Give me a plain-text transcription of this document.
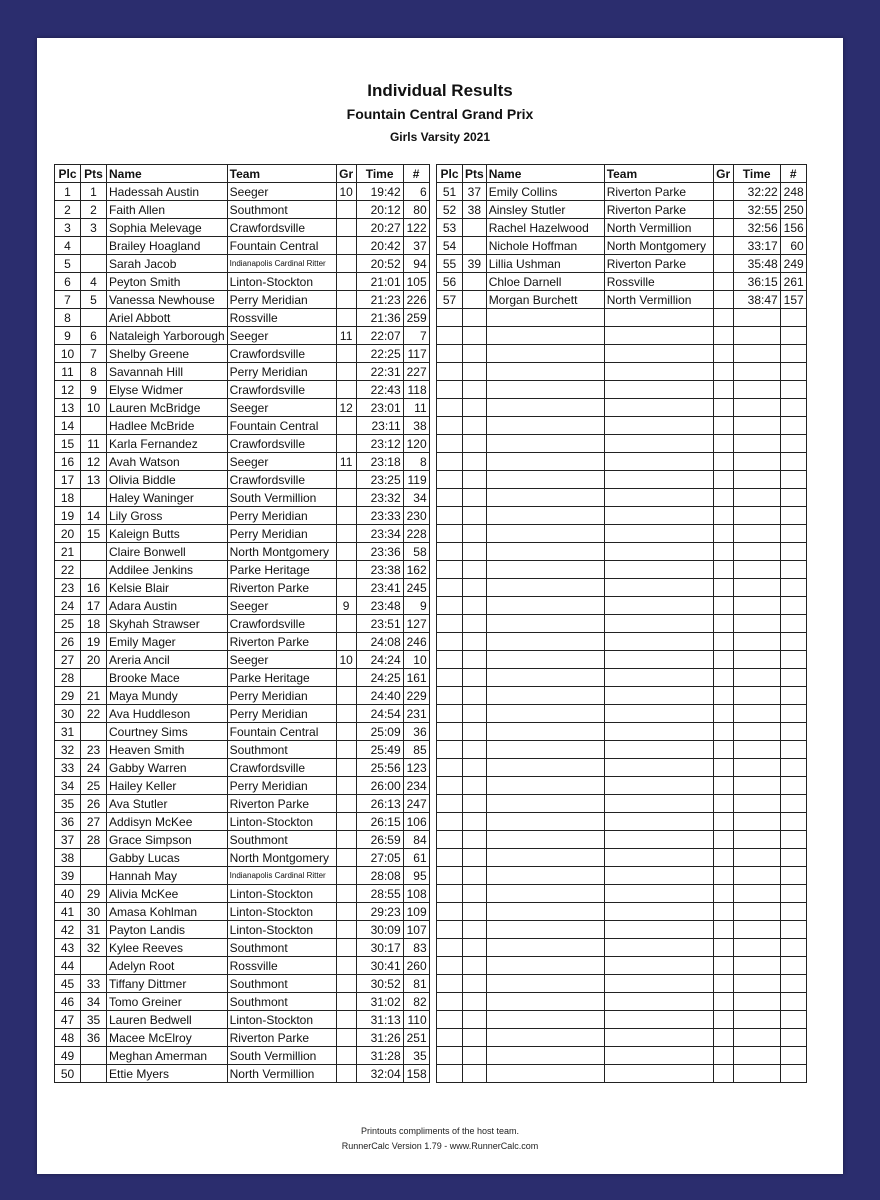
Individual Results
Fountain Central Grand Prix
Girls Varsity 2021
Plc	Pts	Name	Team	Gr	Time	#
1	1	Hadessah Austin	Seeger	10	19:42	6
2	2	Faith Allen	Southmont		20:12	80
3	3	Sophia Melevage	Crawfordsville		20:27	122
4		Brailey Hoagland	Fountain Central		20:42	37
5		Sarah Jacob	Indianapolis Cardinal Ritter		20:52	94
6	4	Peyton Smith	Linton-Stockton		21:01	105
7	5	Vanessa Newhouse	Perry Meridian		21:23	226
8		Ariel Abbott	Rossville		21:36	259
9	6	Nataleigh Yarborough	Seeger	11	22:07	7
10	7	Shelby Greene	Crawfordsville		22:25	117
11	8	Savannah Hill	Perry Meridian		22:31	227
12	9	Elyse Widmer	Crawfordsville		22:43	118
13	10	Lauren McBridge	Seeger	12	23:01	11
14		Hadlee McBride	Fountain Central		23:11	38
15	11	Karla Fernandez	Crawfordsville		23:12	120
16	12	Avah Watson	Seeger	11	23:18	8
17	13	Olivia Biddle	Crawfordsville		23:25	119
18		Haley Waninger	South Vermillion		23:32	34
19	14	Lily Gross	Perry Meridian		23:33	230
20	15	Kaleign Butts	Perry Meridian		23:34	228
21		Claire Bonwell	North Montgomery		23:36	58
22		Addilee Jenkins	Parke Heritage		23:38	162
23	16	Kelsie Blair	Riverton Parke		23:41	245
24	17	Adara Austin	Seeger	9	23:48	9
25	18	Skyhah Strawser	Crawfordsville		23:51	127
26	19	Emily Mager	Riverton Parke		24:08	246
27	20	Areria Ancil	Seeger	10	24:24	10
28		Brooke Mace	Parke Heritage		24:25	161
29	21	Maya Mundy	Perry Meridian		24:40	229
30	22	Ava Huddleson	Perry Meridian		24:54	231
31		Courtney Sims	Fountain Central		25:09	36
32	23	Heaven Smith	Southmont		25:49	85
33	24	Gabby Warren	Crawfordsville		25:56	123
34	25	Hailey Keller	Perry Meridian		26:00	234
35	26	Ava Stutler	Riverton Parke		26:13	247
36	27	Addisyn McKee	Linton-Stockton		26:15	106
37	28	Grace Simpson	Southmont		26:59	84
38		Gabby Lucas	North Montgomery		27:05	61
39		Hannah May	Indianapolis Cardinal Ritter		28:08	95
40	29	Alivia McKee	Linton-Stockton		28:55	108
41	30	Amasa Kohlman	Linton-Stockton		29:23	109
42	31	Payton Landis	Linton-Stockton		30:09	107
43	32	Kylee Reeves	Southmont		30:17	83
44		Adelyn Root	Rossville		30:41	260
45	33	Tiffany Dittmer	Southmont		30:52	81
46	34	Tomo Greiner	Southmont		31:02	82
47	35	Lauren Bedwell	Linton-Stockton		31:13	110
48	36	Macee McElroy	Riverton Parke		31:26	251
49		Meghan Amerman	South Vermillion		31:28	35
50		Ettie Myers	North Vermillion		32:04	158
Plc	Pts	Name	Team	Gr	Time	#
51	37	Emily Collins	Riverton Parke		32:22	248
52	38	Ainsley Stutler	Riverton Parke		32:55	250
53		Rachel Hazelwood	North Vermillion		32:56	156
54		Nichole Hoffman	North Montgomery		33:17	60
55	39	Lillia Ushman	Riverton Parke		35:48	249
56		Chloe Darnell	Rossville		36:15	261
57		Morgan Burchett	North Vermillion		38:47	157

Printouts compliments of the host team.
RunnerCalc Version 1.79 - www.RunnerCalc.com
